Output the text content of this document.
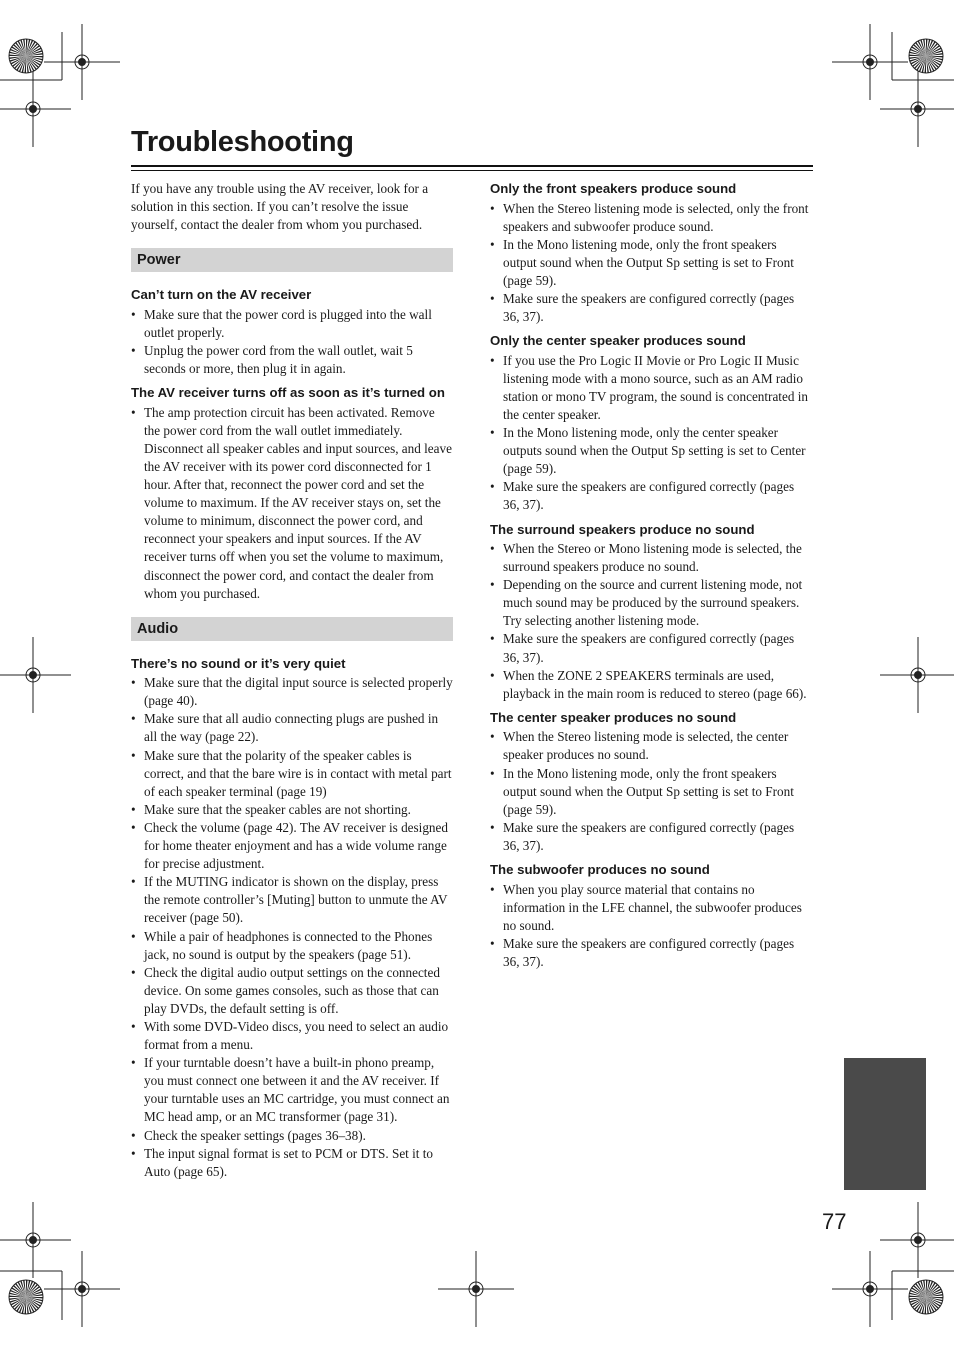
Troubleshooting

If you have any trouble using the AV receiver, look for a solution in this section. If you can’t resolve the issue yourself, contact the dealer from whom you purchased.

Power
Can’t turn on the AV receiver
• Make sure that the power cord is plugged into the wall outlet properly.
• Unplug the power cord from the wall outlet, wait 5 seconds or more, then plug it in again.
The AV receiver turns off as soon as it’s turned on
• The amp protection circuit has been activated. Remove the power cord from the wall outlet immediately. Disconnect all speaker cables and input sources, and leave the AV receiver with its power cord disconnected for 1 hour. After that, reconnect the power cord and set the volume to maximum. If the AV receiver stays on, set the volume to minimum, disconnect the power cord, and reconnect your speakers and input sources. If the AV receiver turns off when you set the volume to maximum, disconnect the power cord, and contact the dealer from whom you purchased.
Audio
There’s no sound or it’s very quiet
• Make sure that the digital input source is selected properly (page 40).
• Make sure that all audio connecting plugs are pushed in all the way (page 22).
• Make sure that the polarity of the speaker cables is correct, and that the bare wire is in contact with metal part of each speaker terminal (page 19)
• Make sure that the speaker cables are not shorting.
• Check the volume (page 42). The AV receiver is designed for home theater enjoyment and has a wide volume range for precise adjustment.
• If the MUTING indicator is shown on the display, press the remote controller’s [Muting] button to unmute the AV receiver (page 50).
• While a pair of headphones is connected to the Phones jack, no sound is output by the speakers (page 51).
• Check the digital audio output settings on the connected device. On some games consoles, such as those that can play DVDs, the default setting is off.
• With some DVD-Video discs, you need to select an audio format from a menu.
• If your turntable doesn’t have a built-in phono preamp, you must connect one between it and the AV receiver. If your turntable uses an MC cartridge, you must connect an MC head amp, or an MC transformer (page 31).
• Check the speaker settings (pages 36–38).
• The input signal format is set to PCM or DTS. Set it to Auto (page 65).
Only the front speakers produce sound
• When the Stereo listening mode is selected, only the front speakers and subwoofer produce sound.
• In the Mono listening mode, only the front speakers output sound when the Output Sp setting is set to Front (page 59).
• Make sure the speakers are configured correctly (pages 36, 37).
Only the center speaker produces sound
• If you use the Pro Logic II Movie or Pro Logic II Music listening mode with a mono source, such as an AM radio station or mono TV program, the sound is concentrated in the center speaker.
• In the Mono listening mode, only the center speaker outputs sound when the Output Sp setting is set to Center (page 59).
• Make sure the speakers are configured correctly (pages 36, 37).
The surround speakers produce no sound
• When the Stereo or Mono listening mode is selected, the surround speakers produce no sound.
• Depending on the source and current listening mode, not much sound may be produced by the surround speakers. Try selecting another listening mode.
• Make sure the speakers are configured correctly (pages 36, 37).
• When the ZONE 2 SPEAKERS terminals are used, playback in the main room is reduced to stereo (page 66).
The center speaker produces no sound
• When the Stereo listening mode is selected, the center speaker produces no sound.
• In the Mono listening mode, only the front speakers output sound when the Output Sp setting is set to Front (page 59).
• Make sure the speakers are configured correctly (pages 36, 37).
The subwoofer produces no sound
• When you play source material that contains no information in the LFE channel, the subwoofer produces no sound.
• Make sure the speakers are configured correctly (pages 36, 37).
77
